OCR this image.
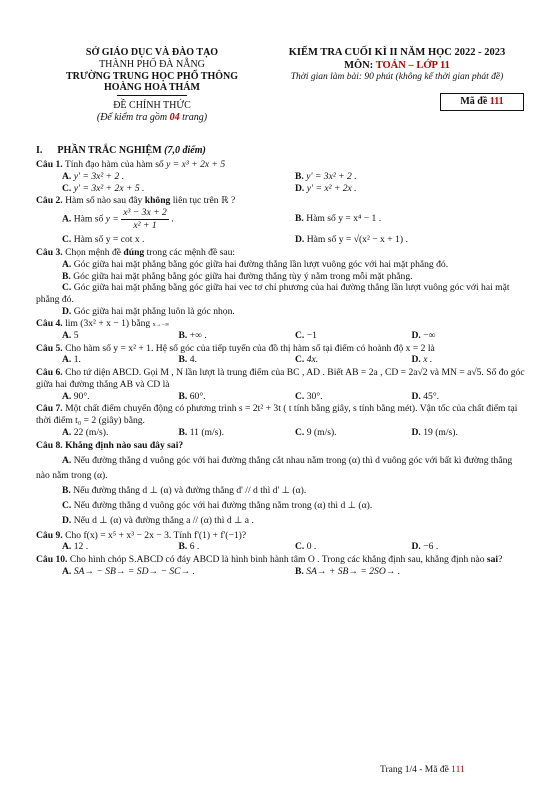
SỞ GIÁO DỤC VÀ ĐÀO TẠO
THÀNH PHỐ ĐÀ NẴNG
TRƯỜNG TRUNG HỌC PHỔ THÔNG
HOÀNG HOA THÁM
ĐỀ CHÍNH THỨC
(Để kiểm tra gồm 04 trang)
KIỂM TRA CUỐI KÌ II NĂM HỌC 2022 - 2023
MÔN: TOÁN – LỚP 11
Thời gian làm bài: 90 phút (không kể thời gian phát đề)
Mã đề 111
I. PHẦN TRẮC NGHIỆM (7,0 điểm)
Câu 1. Tính đạo hàm của hàm số y = x³ + 2x + 5
A. y' = 3x² + 2 .	B. y' = 3x² + 2 .
C. y' = 3x² + 2x + 5 .	D. y' = x² + 2x .
Câu 2. Hàm số nào sau đây không liên tục trên ℝ ?
A. Hàm số $y = \frac{\text{x³ − 3x + 2}}{\text{x² + 1}}$ .	B. Hàm số y = x⁴ − 1 .
C. Hàm số y = cot x .	D. Hàm số y = √(x² − x + 1) .
Câu 3. Chọn mệnh đề đúng trong các mệnh đề sau:
A. Góc giữa hai mặt phẳng bằng góc giữa hai đường thẳng lần lượt vuông góc với hai mặt phẳng đó.
B. Góc giữa hai mặt phẳng bằng góc giữa hai đường thẳng tùy ý nằm trong mỗi mặt phẳng.
C. Góc giữa hai mặt phẳng bằng góc giữa hai vec tơ chỉ phương của hai đường thẳng lần lượt vuông góc với hai mặt phẳng đó.
D. Góc giữa hai mặt phẳng luôn là góc nhọn.
Câu 4. lim (3x² + x − 1) bằng x→−∞
A. 5	B. +∞ .	C. −1	D. −∞
Câu 5. Cho hàm số y = x² + 1. Hệ số góc của tiếp tuyến của đồ thị hàm số tại điểm có hoành độ x = 2 là
A. 1.	B. 4.	C. 4x.	D. x .
Câu 6. Cho tứ diện ABCD. Gọi M , N lần lượt là trung điểm của BC , AD . Biết AB = 2a , CD = 2a√2 và MN = a√5. Số đo góc giữa hai đường thẳng AB và CD là
A. 90°.	B. 60°.	C. 30°.	D. 45°.
Câu 7. Một chất điểm chuyển động có phương trình s = 2t² + 3t ( t tính bằng giây, s tính bằng mét). Vận tốc của chất điểm tại thời điểm t₀ = 2 (giây) bằng.
A. 22 (m/s).	B. 11 (m/s).	C. 9 (m/s).	D. 19 (m/s).
Câu 8. Khẳng định nào sau đây sai?
A. Nếu đường thẳng d vuông góc với hai đường thẳng cắt nhau nằm trong (α) thì d vuông góc với bất kì đường thẳng nào nằm trong (α).
B. Nếu đường thẳng d ⊥ (α) và đường thẳng d' // d thì d' ⊥ (α).
C. Nếu đường thẳng d vuông góc với hai đường thẳng nằm trong (α) thì d ⊥ (α).
D. Nếu d ⊥ (α) và đường thẳng a // (α) thì d ⊥ a .
Câu 9. Cho f(x) = x⁵ + x³ − 2x − 3. Tính f'(1) + f'(−1)?
A. 12 .	B. 6 .	C. 0 .	D. −6 .
Câu 10. Cho hình chóp S.ABCD có đáy ABCD là hình bình hành tâm O . Trong các khẳng định sau, khẳng định nào sai?
A. SA→ − SB→ = SD→ − SC→ .	B. SA→ + SB→ = 2SO→ .
Trang 1/4 - Mã đề 111
